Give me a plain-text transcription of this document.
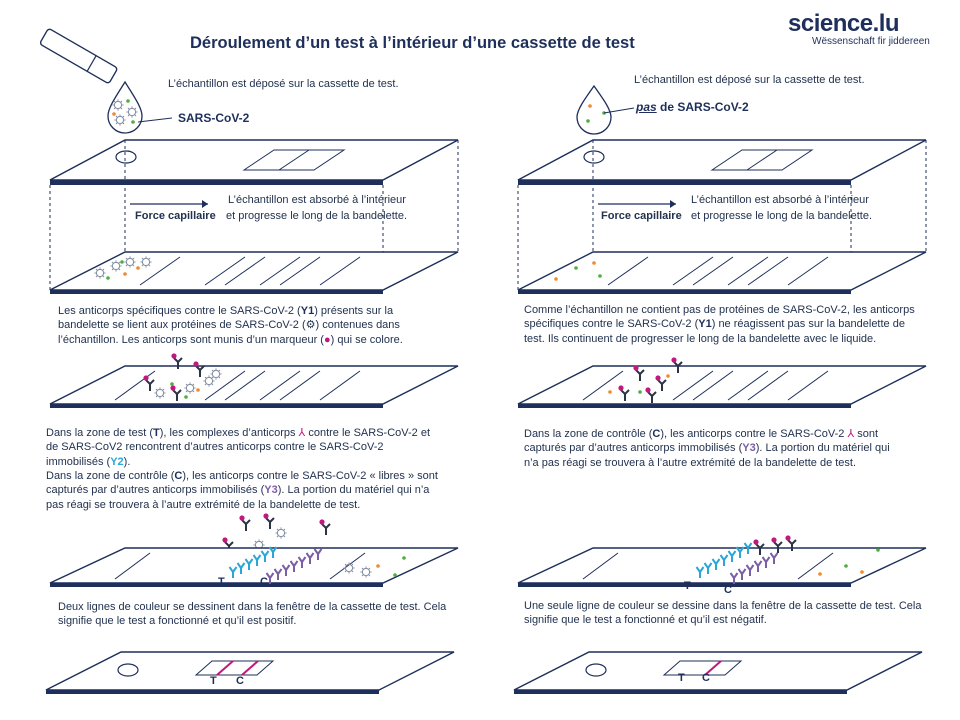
Déroulement d’un test à l’intérieur d’une cassette de test
science.lu
Wëssenschaft fir jiddereen
L’échantillon est déposé sur la cassette de test.
SARS-CoV-2
L’échantillon est absorbé à l’intérieur
et progresse le long de la bandelette.
Force capillaire
Les anticorps spécifiques contre le SARS-CoV-2 (Y1) présents sur la bandelette se lient aux protéines de SARS-CoV-2 (⚙︎) contenues dans l’échantillon. Les anticorps sont munis d’un marqueur (●) qui se colore.
Dans la zone de test (T), les complexes d’anticorps ⅄ contre le SARS-CoV-2 et de SARS-CoV2 rencontrent d’autres anticorps contre le SARS-CoV-2 immobilisés (Y2).
Dans la zone de contrôle (C), les anticorps contre le SARS-CoV-2 « libres » sont capturés par d’autres anticorps immobilisés (Y3). La portion du matériel qui n’a pas réagi se trouvera à l’autre extrémité de la bandelette de test.
T	C
Deux lignes de couleur se dessinent dans la fenêtre de la cassette de test. Cela signifie que le test a fonctionné et qu’il est positif.
T C
L’échantillon est déposé sur la cassette de test.
pas de SARS-CoV-2
L’échantillon est absorbé à l’intérieur
et progresse le long de la bandelette.
Force capillaire
Comme l’échantillon ne contient pas de protéines de SARS-CoV-2, les anticorps spécifiques contre le SARS-CoV-2 (Y1) ne réagissent pas sur la bandelette de test. Ils continuent de progresser le long de la bandelette avec le liquide.
Dans la zone de contrôle (C), les anticorps contre le SARS-CoV-2 ⅄ sont capturés par d’autres anticorps immobilisés (Y3). La portion du matériel qui n’a pas réagi se trouvera à l’autre extrémité de la bandelette de test.
T	C
Une seule ligne de couleur se dessine dans la fenêtre de la cassette de test. Cela signifie que le test a fonctionné et qu’il est négatif.
T C
